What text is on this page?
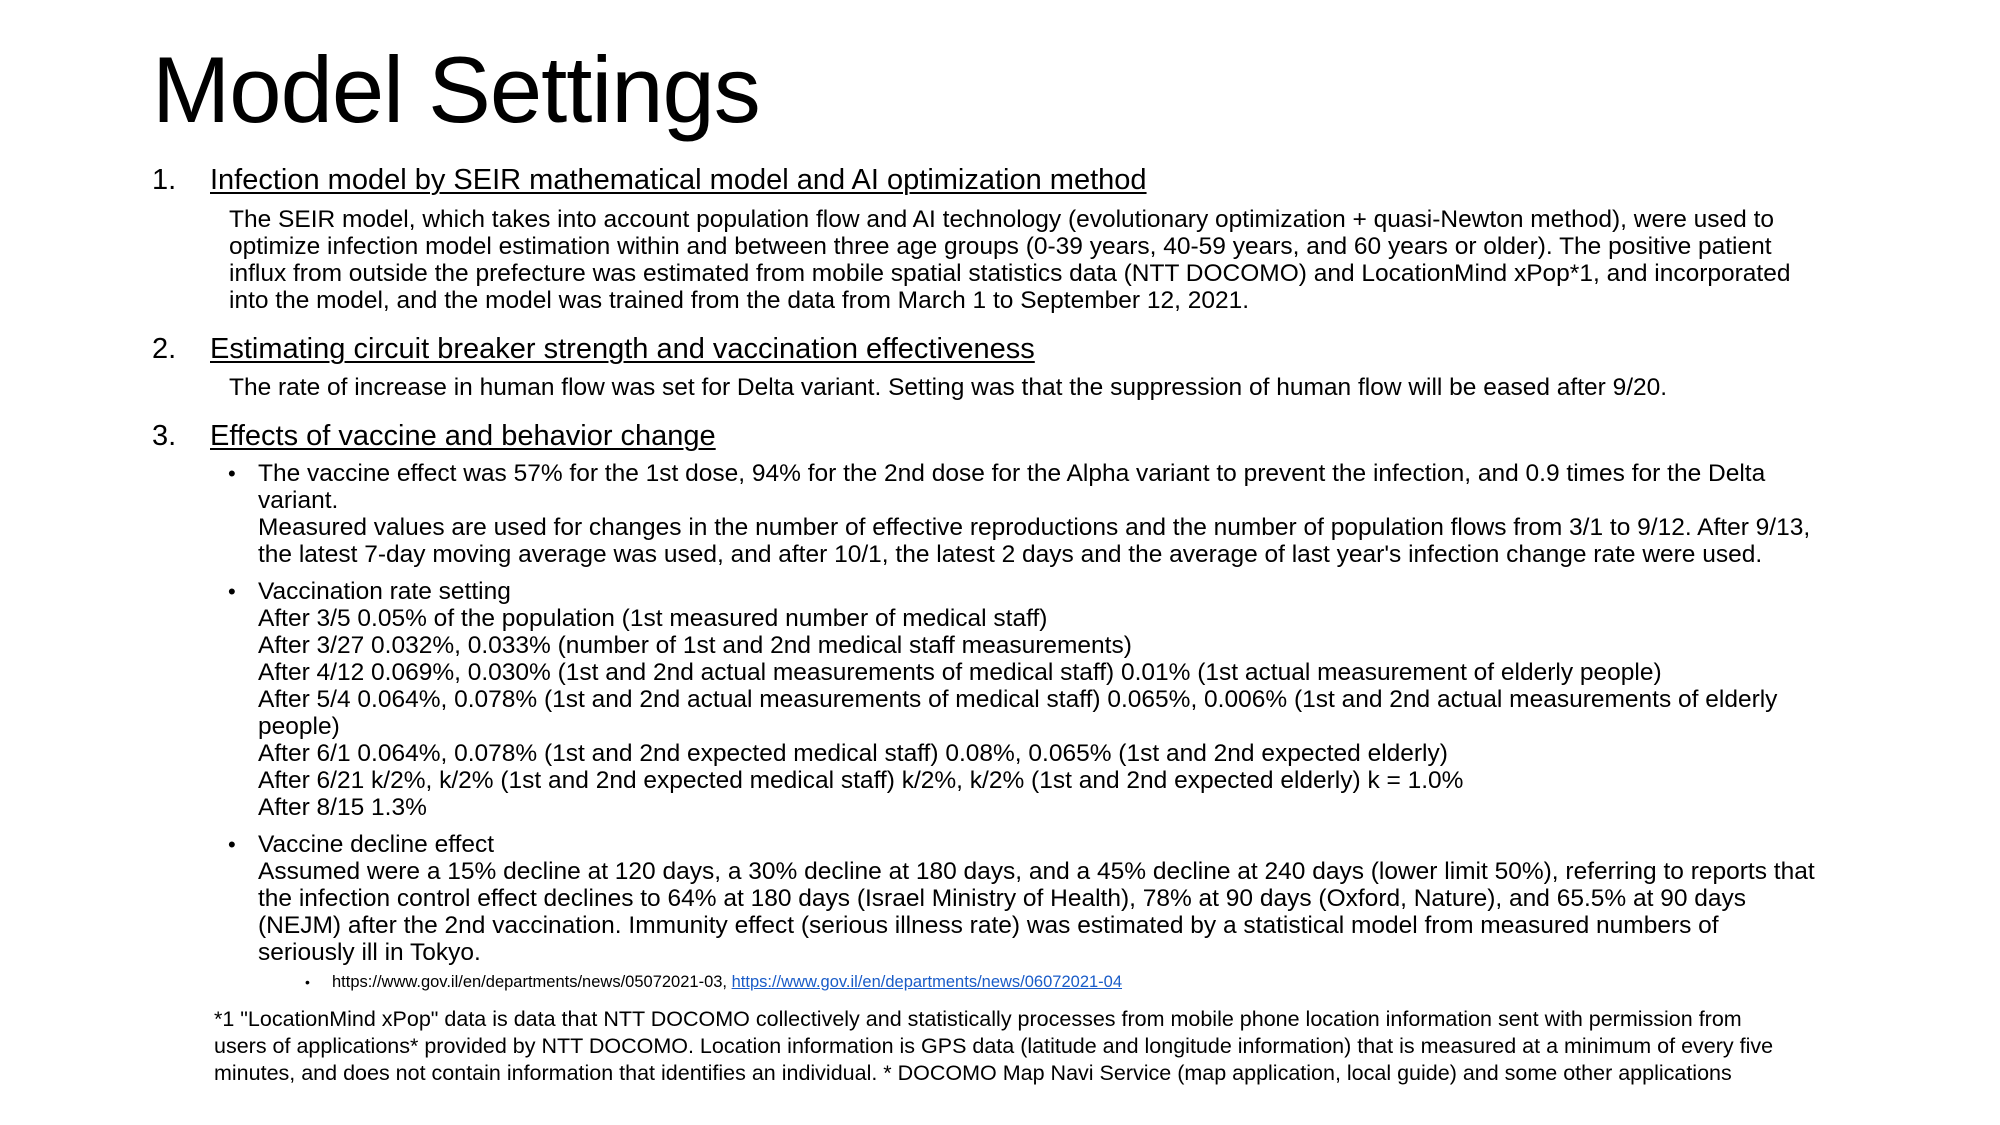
Model Settings
1. Infection model by SEIR mathematical model and AI optimization method
The SEIR model, which takes into account population flow and AI technology (evolutionary optimization + quasi-Newton method), were used to
optimize infection model estimation within and between three age groups (0-39 years, 40-59 years, and 60 years or older). The positive patient
influx from outside the prefecture was estimated from mobile spatial statistics data (NTT DOCOMO) and LocationMind xPop*1, and incorporated
into the model, and the model was trained from the data from March 1 to September 12, 2021.
2. Estimating circuit breaker strength and vaccination effectiveness
The rate of increase in human flow was set for Delta variant. Setting was that the suppression of human flow will be eased after 9/20.
3. Effects of vaccine and behavior change
• The vaccine effect was 57% for the 1st dose, 94% for the 2nd dose for the Alpha variant to prevent the infection, and 0.9 times for the Delta
variant.
Measured values are used for changes in the number of effective reproductions and the number of population flows from 3/1 to 9/12. After 9/13,
the latest 7-day moving average was used, and after 10/1, the latest 2 days and the average of last year's infection change rate were used.
• Vaccination rate setting
After 3/5 0.05% of the population (1st measured number of medical staff)
After 3/27 0.032%, 0.033% (number of 1st and 2nd medical staff measurements)
After 4/12 0.069%, 0.030% (1st and 2nd actual measurements of medical staff) 0.01% (1st actual measurement of elderly people)
After 5/4 0.064%, 0.078% (1st and 2nd actual measurements of medical staff) 0.065%, 0.006% (1st and 2nd actual measurements of elderly
people)
After 6/1 0.064%, 0.078% (1st and 2nd expected medical staff) 0.08%, 0.065% (1st and 2nd expected elderly)
After 6/21 k/2%, k/2% (1st and 2nd expected medical staff) k/2%, k/2% (1st and 2nd expected elderly) k = 1.0%
After 8/15 1.3%
• Vaccine decline effect
Assumed were a 15% decline at 120 days, a 30% decline at 180 days, and a 45% decline at 240 days (lower limit 50%), referring to reports that
the infection control effect declines to 64% at 180 days (Israel Ministry of Health), 78% at 90 days (Oxford, Nature), and 65.5% at 90 days
(NEJM) after the 2nd vaccination. Immunity effect (serious illness rate) was estimated by a statistical model from measured numbers of
seriously ill in Tokyo.
• https://www.gov.il/en/departments/news/05072021-03, https://www.gov.il/en/departments/news/06072021-04
*1 "LocationMind xPop" data is data that NTT DOCOMO collectively and statistically processes from mobile phone location information sent with permission from
users of applications* provided by NTT DOCOMO. Location information is GPS data (latitude and longitude information) that is measured at a minimum of every five
minutes, and does not contain information that identifies an individual. * DOCOMO Map Navi Service (map application, local guide) and some other applications
